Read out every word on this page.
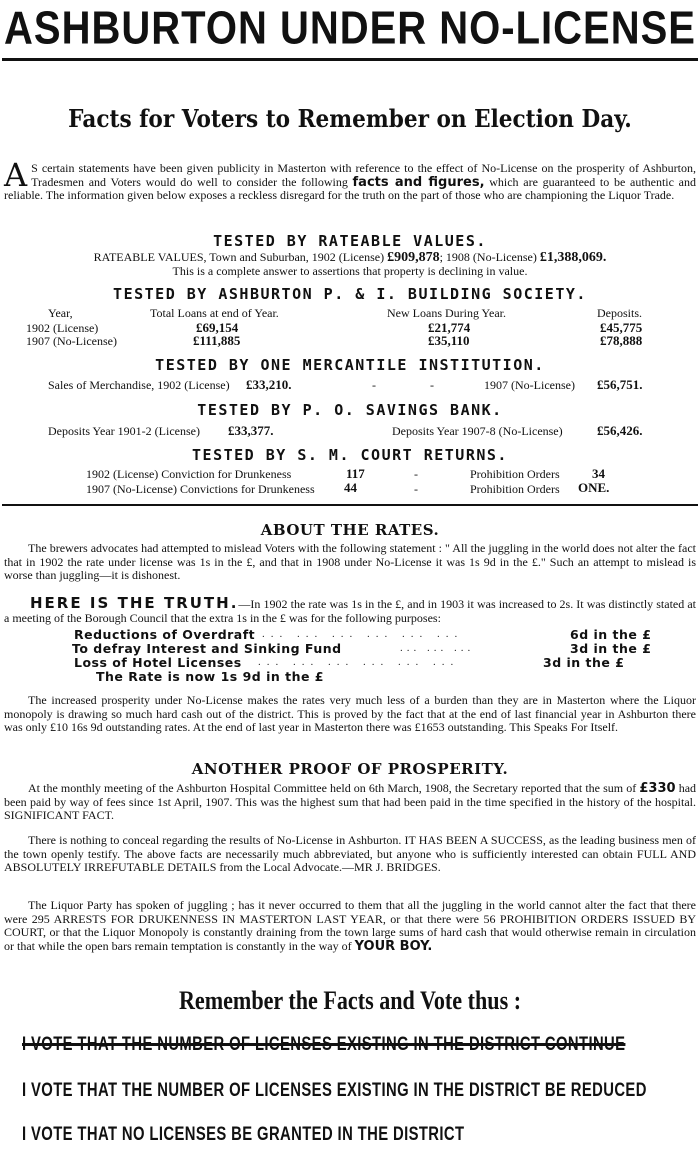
ASHBURTON UNDER NO-LICENSE
Facts for Voters to Remember on Election Day.
A S certain statements have been given publicity in Masterton with reference to the effect of No-License on the prosperity of Ashburton, Tradesmen and Voters would do well to consider the following facts and figures, which are guaranteed to be authentic and reliable. The information given below exposes a reckless disregard for the truth on the part of those who are championing the Liquor Trade.
TESTED BY RATEABLE VALUES.
RATEABLE VALUES, Town and Suburban, 1902 (License) £909,878; 1908 (No-License) £1,388,069.
This is a complete answer to assertions that property is declining in value.
TESTED BY ASHBURTON P. & I. BUILDING SOCIETY.
Year,	Total Loans at end of Year.	New Loans During Year.	Deposits.
1902 (License)	£69,154	£21,774	£45,775
1907 (No-License)	£111,885	£35,110	£78,888
TESTED BY ONE MERCANTILE INSTITUTION.
Sales of Merchandise, 1902 (License) £33,210.	-	-	1907 (No-License) £56,751.
TESTED BY P. O. SAVINGS BANK.
Deposits Year 1901-2 (License) £33,377.	Deposits Year 1907-8 (No-License)	£56,426.
TESTED BY S. M. COURT RETURNS.
1902 (License) Conviction for Drunkeness	117	-	Prohibition Orders 34
1907 (No-License) Convictions for Drunkeness 44	-	Prohibition Orders ONE.
ABOUT THE RATES.
The brewers advocates had attempted to mislead Voters with the following statement : " All the juggling in the world does not alter the fact that in 1902 the rate under license was 1s in the £, and that in 1908 under No-License it was 1s 9d in the £." Such an attempt to mislead is worse than juggling—it is dishonest.
HERE IS THE TRUTH.—In 1902 the rate was 1s in the £, and in 1903 it was increased to 2s. It was distinctly stated at a meeting of the Borough Council that the extra 1s in the £ was for the following purposes:
Reductions of Overdraft ... ... ... ... ... ...	6d in the £
To defray Interest and Sinking Fund	... ... ...	3d in the £
Loss of Hotel Licenses ... ... ... ... ... ...	3d in the £
The Rate is now 1s 9d in the £
The increased prosperity under No-License makes the rates very much less of a burden than they are in Masterton where the Liquor monopoly is drawing so much hard cash out of the district. This is proved by the fact that at the end of last financial year in Ashburton there was only £10 16s 9d outstanding rates. At the end of last year in Masterton there was £1653 outstanding. This Speaks For Itself.
ANOTHER PROOF OF PROSPERITY.
At the monthly meeting of the Ashburton Hospital Committee held on 6th March, 1908, the Secretary reported that the sum of £330 had been paid by way of fees since 1st April, 1907. This was the highest sum that had been paid in the time specified in the history of the hospital. SIGNIFICANT FACT.
There is nothing to conceal regarding the results of No-License in Ashburton. IT HAS BEEN A SUCCESS, as the leading business men of the town openly testify. The above facts are necessarily much abbreviated, but anyone who is sufficiently interested can obtain FULL AND ABSOLUTELY IRREFUTABLE DETAILS from the Local Advocate.—MR J. BRIDGES.
The Liquor Party has spoken of juggling ; has it never occurred to them that all the juggling in the world cannot alter the fact that there were 295 ARRESTS FOR DRUKENNESS IN MASTERTON LAST YEAR, or that there were 56 PROHIBITION ORDERS ISSUED BY COURT, or that the Liquor Monopoly is constantly draining from the town large sums of hard cash that would otherwise remain in circulation or that while the open bars remain temptation is constantly in the way of YOUR BOY.
Remember the Facts and Vote thus :
I VOTE THAT THE NUMBER OF LICENSES EXISTING IN THE DISTRICT CONTINUE
I VOTE THAT THE NUMBER OF LICENSES EXISTING IN THE DISTRICT BE REDUCED
I VOTE THAT NO LICENSES BE GRANTED IN THE DISTRICT
